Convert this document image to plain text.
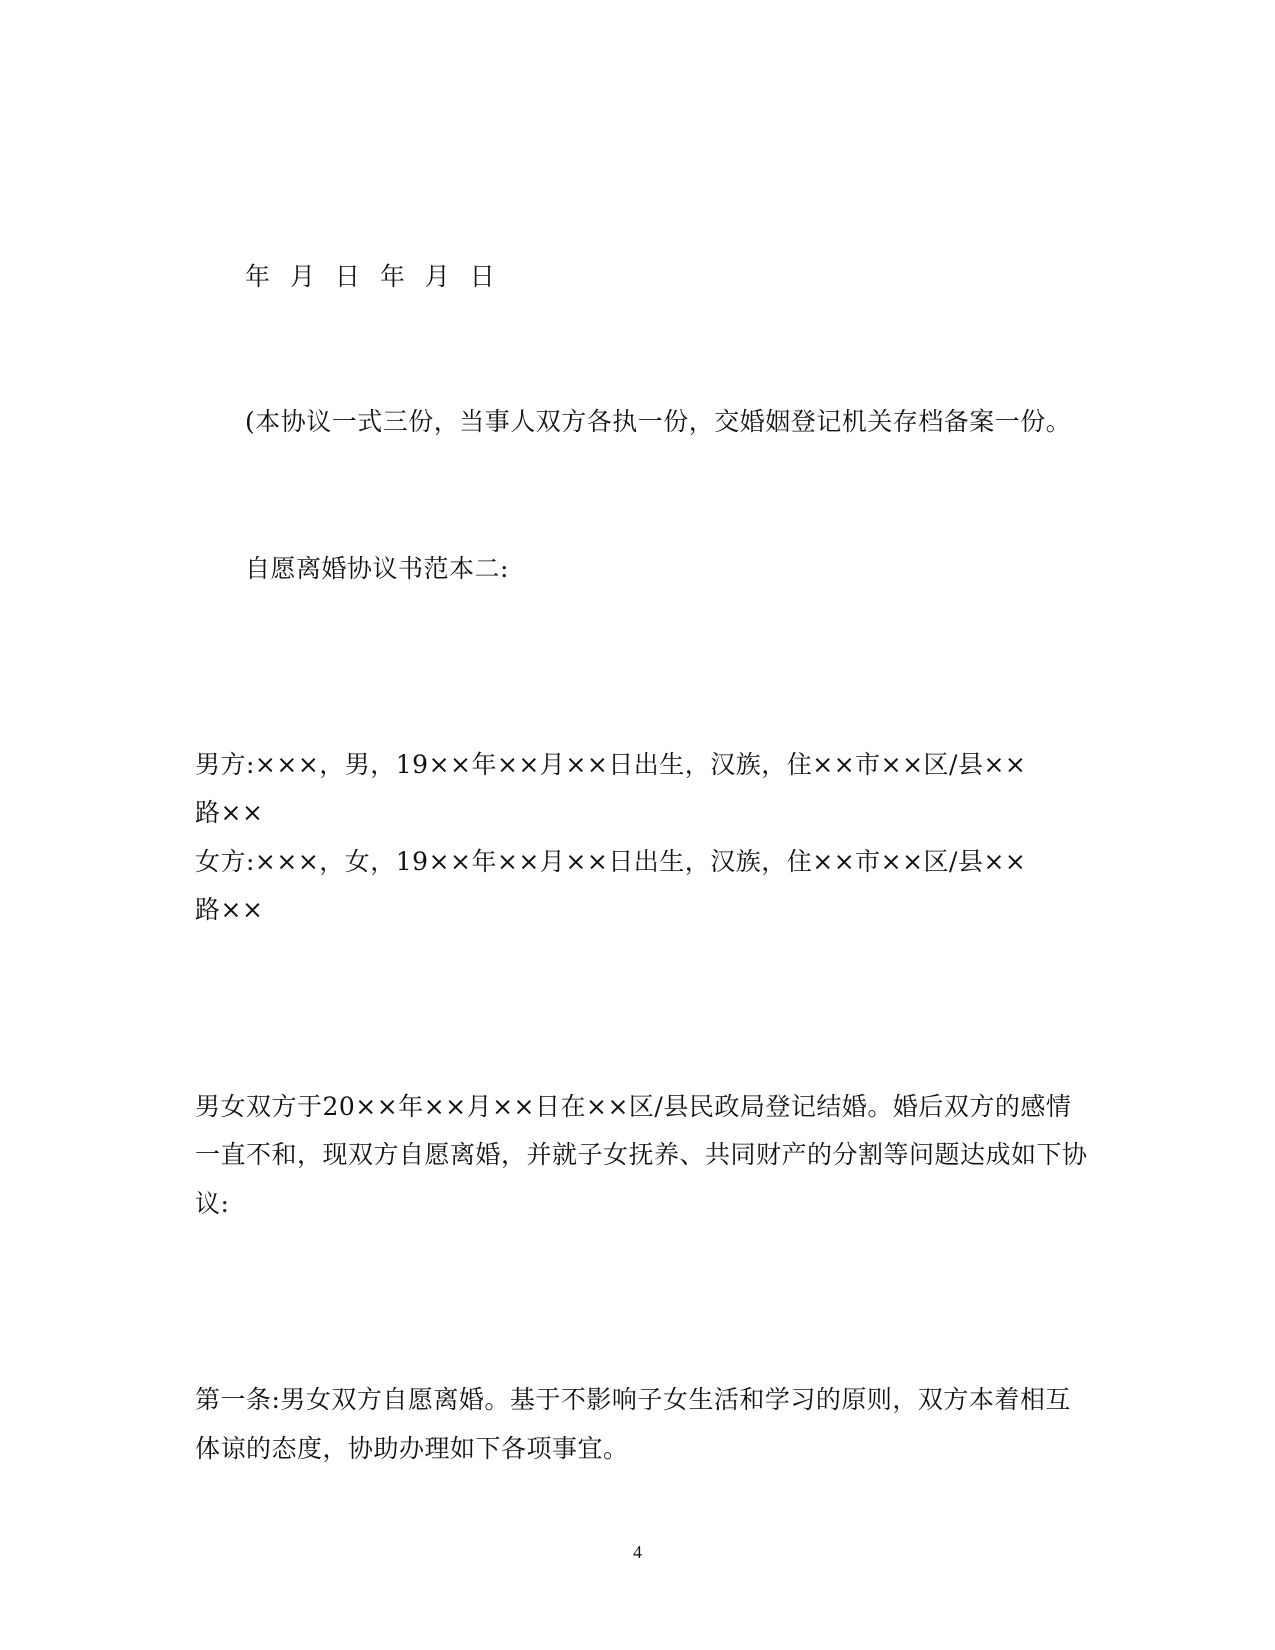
年 月 日 年 月 日
(本协议一式三份，当事人双方各执一份，交婚姻登记机关存档备案一份。
自愿离婚协议书范本二:
男方:×××，男，19××年××月××日出生，汉族，住××市××区/县××
路××
女方:×××，女，19××年××月××日出生，汉族，住××市××区/县××
路××
男女双方于20××年××月××日在××区/县民政局登记结婚。婚后双方的感情
一直不和，现双方自愿离婚，并就子女抚养、共同财产的分割等问题达成如下协
议:
第一条:男女双方自愿离婚。基于不影响子女生活和学习的原则，双方本着相互
体谅的态度，协助办理如下各项事宜。
4
